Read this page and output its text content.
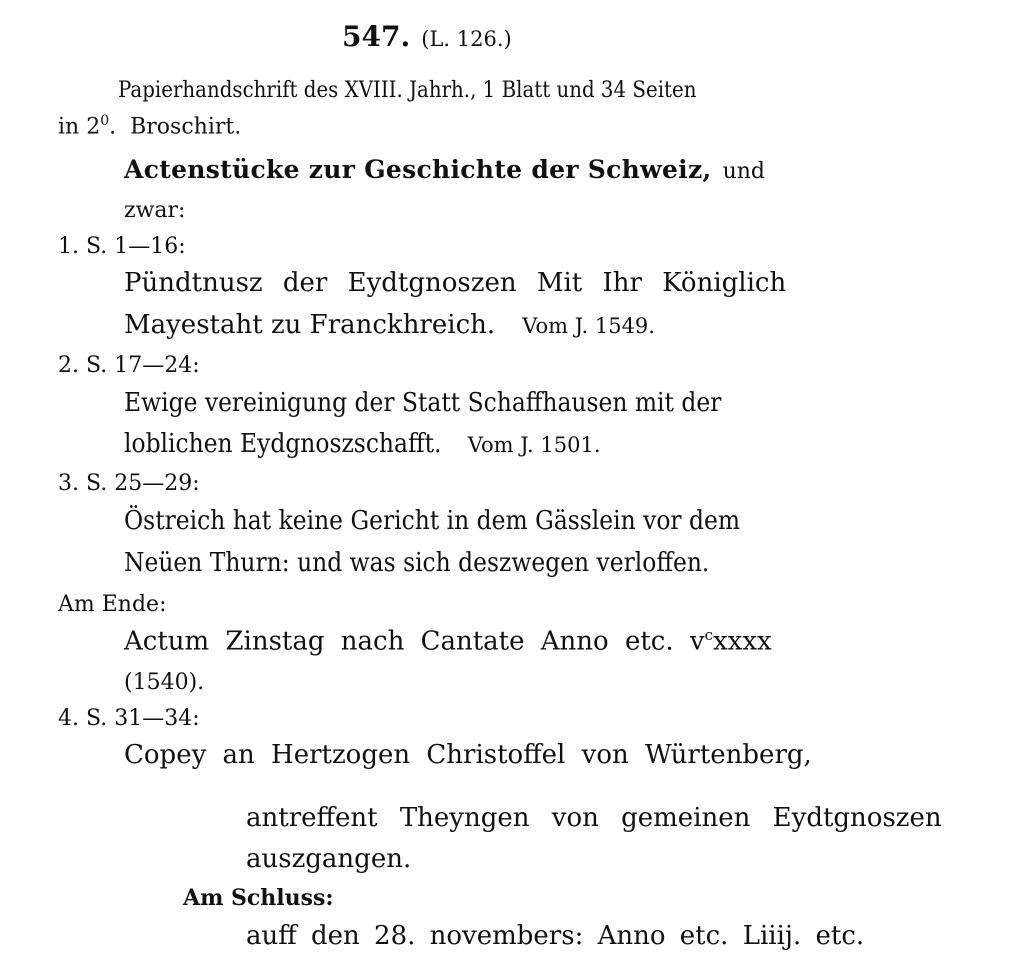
547. (L. 126.)
Papierhandschrift des XVIII. Jahrh., 1 Blatt und 34 Seiten
in $2^0$.  Broschirt.
Actenstücke zur Geschichte der Schweiz, und
zwar:
1. S. 1—16:
Pündtnusz der Eydtgnoszen Mit Ihr Königlich
Mayestaht zu Franckhreich. Vom J. 1549.
2. S. 17—24:
Ewige vereinigung der Statt Schaffhausen mit der
loblichen Eydgnoszschafft. Vom J. 1501.
3. S. 25—29:
Östreich hat keine Gericht in dem Gässlein vor dem
Neüen Thurn: und was sich deszwegen verloffen.
Am Ende:
Actum Zinstag nach Cantate Anno etc. $v^cxxxx$
(1540).
4. S. 31—34:
Copey an Hertzogen Christoffel von Würtenberg,
antreffent Theyngen von gemeinen Eydtgnoszen
auszgangen.
Am Schluss:
auff den 28. novembers: Anno etc. Liiij. etc.
